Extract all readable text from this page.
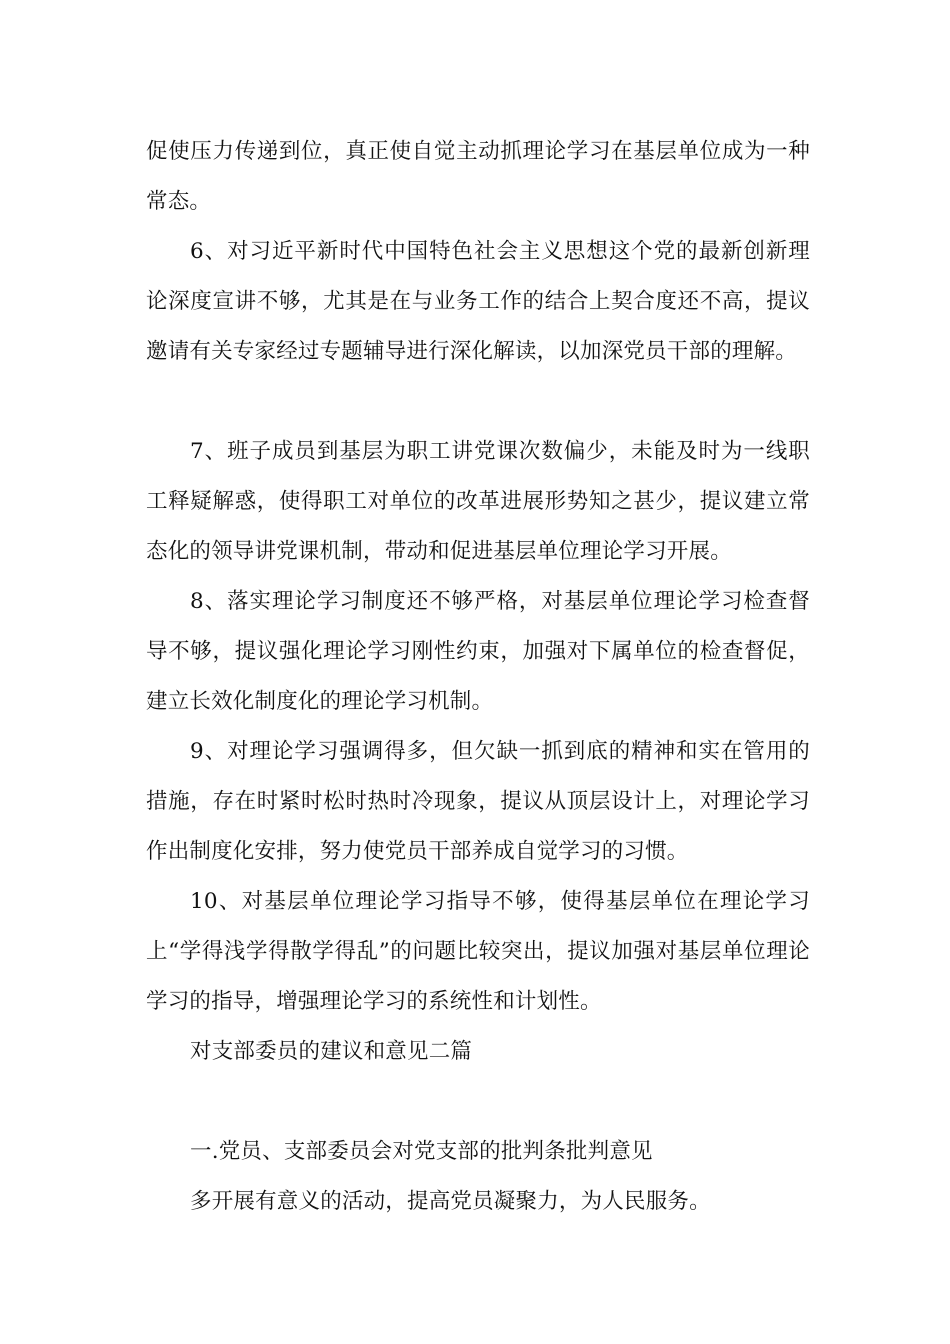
促使压力传递到位，真正使自觉主动抓理论学习在基层单位成为一种常态。

6、对习近平新时代中国特色社会主义思想这个党的最新创新理论深度宣讲不够，尤其是在与业务工作的结合上契合度还不高，提议邀请有关专家经过专题辅导进行深化解读，以加深党员干部的理解。

7、班子成员到基层为职工讲党课次数偏少，未能及时为一线职工释疑解惑，使得职工对单位的改革进展形势知之甚少，提议建立常态化的领导讲党课机制，带动和促进基层单位理论学习开展。

8、落实理论学习制度还不够严格，对基层单位理论学习检查督导不够，提议强化理论学习刚性约束，加强对下属单位的检查督促，建立长效化制度化的理论学习机制。

9、对理论学习强调得多，但欠缺一抓到底的精神和实在管用的措施，存在时紧时松时热时冷现象，提议从顶层设计上，对理论学习作出制度化安排，努力使党员干部养成自觉学习的习惯。

10、对基层单位理论学习指导不够，使得基层单位在理论学习上“学得浅学得散学得乱”的问题比较突出，提议加强对基层单位理论学习的指导，增强理论学习的系统性和计划性。

对支部委员的建议和意见二篇

一.党员、支部委员会对党支部的批判条批判意见

多开展有意义的活动，提高党员凝聚力，为人民服务。
